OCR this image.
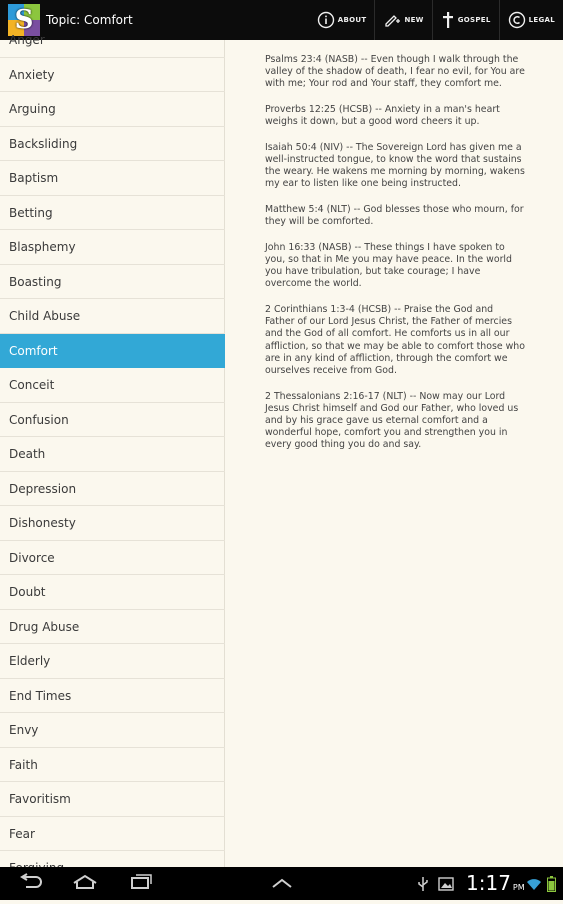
S	Topic: Comfort	ABOUT	NEW	GOSPEL	LEGAL
Anger
Anxiety
Arguing
Backsliding
Baptism
Betting
Blasphemy
Boasting
Child Abuse
Comfort
Conceit
Confusion
Death
Depression
Dishonesty
Divorce
Doubt
Drug Abuse
Elderly
End Times
Envy
Faith
Favoritism
Fear

Psalms 23:4 (NASB) -- Even though I walk through the valley of the shadow of death, I fear no evil, for You are with me; Your rod and Your staff, they comfort me.

Proverbs 12:25 (HCSB) -- Anxiety in a man's heart weighs it down, but a good word cheers it up.

Isaiah 50:4 (NIV) -- The Sovereign Lord has given me a well-instructed tongue, to know the word that sustains the weary. He wakens me morning by morning, wakens my ear to listen like one being instructed.

Matthew 5:4 (NLT) -- God blesses those who mourn, for they will be comforted.

John 16:33 (NASB) -- These things I have spoken to you, so that in Me you may have peace. In the world you have tribulation, but take courage; I have overcome the world.

2 Corinthians 1:3-4 (HCSB) -- Praise the God and Father of our Lord Jesus Christ, the Father of mercies and the God of all comfort. He comforts us in all our affliction, so that we may be able to comfort those who are in any kind of affliction, through the comfort we ourselves receive from God.

2 Thessalonians 2:16-17 (NLT) -- Now may our Lord Jesus Christ himself and God our Father, who loved us and by his grace gave us eternal comfort and a wonderful hope, comfort you and strengthen you in every good thing you do and say.

1:17 PM
